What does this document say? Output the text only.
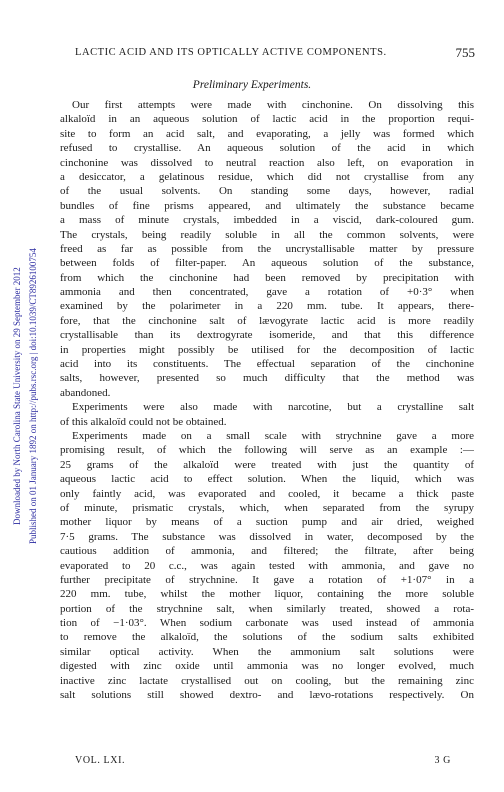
Downloaded by North Carolina State University on 29 September 2012 Published on 01 January 1892 on http://pubs.rsc.org | doi:10.1039/CT8926100754
LACTIC ACID AND ITS OPTICALLY ACTIVE COMPONENTS.	755
Preliminary Experiments.
Our first attempts were made with cinchonine. On dissolving this
alkaloïd in an aqueous solution of lactic acid in the proportion requi-
site to form an acid salt, and evaporating, a jelly was formed which
refused to crystallise. An aqueous solution of the acid in which
cinchonine was dissolved to neutral reaction also left, on evaporation in
a desiccator, a gelatinous residue, which did not crystallise from any
of the usual solvents. On standing some days, however, radial
bundles of fine prisms appeared, and ultimately the substance became
a mass of minute crystals, imbedded in a viscid, dark-coloured gum.
The crystals, being readily soluble in all the common solvents, were
freed as far as possible from the uncrystallisable matter by pressure
between folds of filter-paper. An aqueous solution of the substance,
from which the cinchonine had been removed by precipitation with
ammonia and then concentrated, gave a rotation of +0·3° when
examined by the polarimeter in a 220 mm. tube. It appears, there-
fore, that the cinchonine salt of lævogyrate lactic acid is more readily
crystallisable than its dextrogyrate isomeride, and that this difference
in properties might possibly be utilised for the decomposition of lactic
acid into its constituents. The effectual separation of the cinchonine
salts, however, presented so much difficulty that the method was
abandoned.
Experiments were also made with narcotine, but a crystalline salt
of this alkaloïd could not be obtained.
Experiments made on a small scale with strychnine gave a more
promising result, of which the following will serve as an example :—
25 grams of the alkaloïd were treated with just the quantity of
aqueous lactic acid to effect solution. When the liquid, which was
only faintly acid, was evaporated and cooled, it became a thick paste
of minute, prismatic crystals, which, when separated from the syrupy
mother liquor by means of a suction pump and air dried, weighed
7·5 grams. The substance was dissolved in water, decomposed by the
cautious addition of ammonia, and filtered; the filtrate, after being
evaporated to 20 c.c., was again tested with ammonia, and gave no
further precipitate of strychnine. It gave a rotation of +1·07° in a
220 mm. tube, whilst the mother liquor, containing the more soluble
portion of the strychnine salt, when similarly treated, showed a rota-
tion of −1·03°. When sodium carbonate was used instead of ammonia
to remove the alkaloïd, the solutions of the sodium salts exhibited
similar optical activity. When the ammonium salt solutions were
digested with zinc oxide until ammonia was no longer evolved, much
inactive zinc lactate crystallised out on cooling, but the remaining zinc
salt solutions still showed dextro- and lævo-rotations respectively. On
VOL. LXI.	3 G
